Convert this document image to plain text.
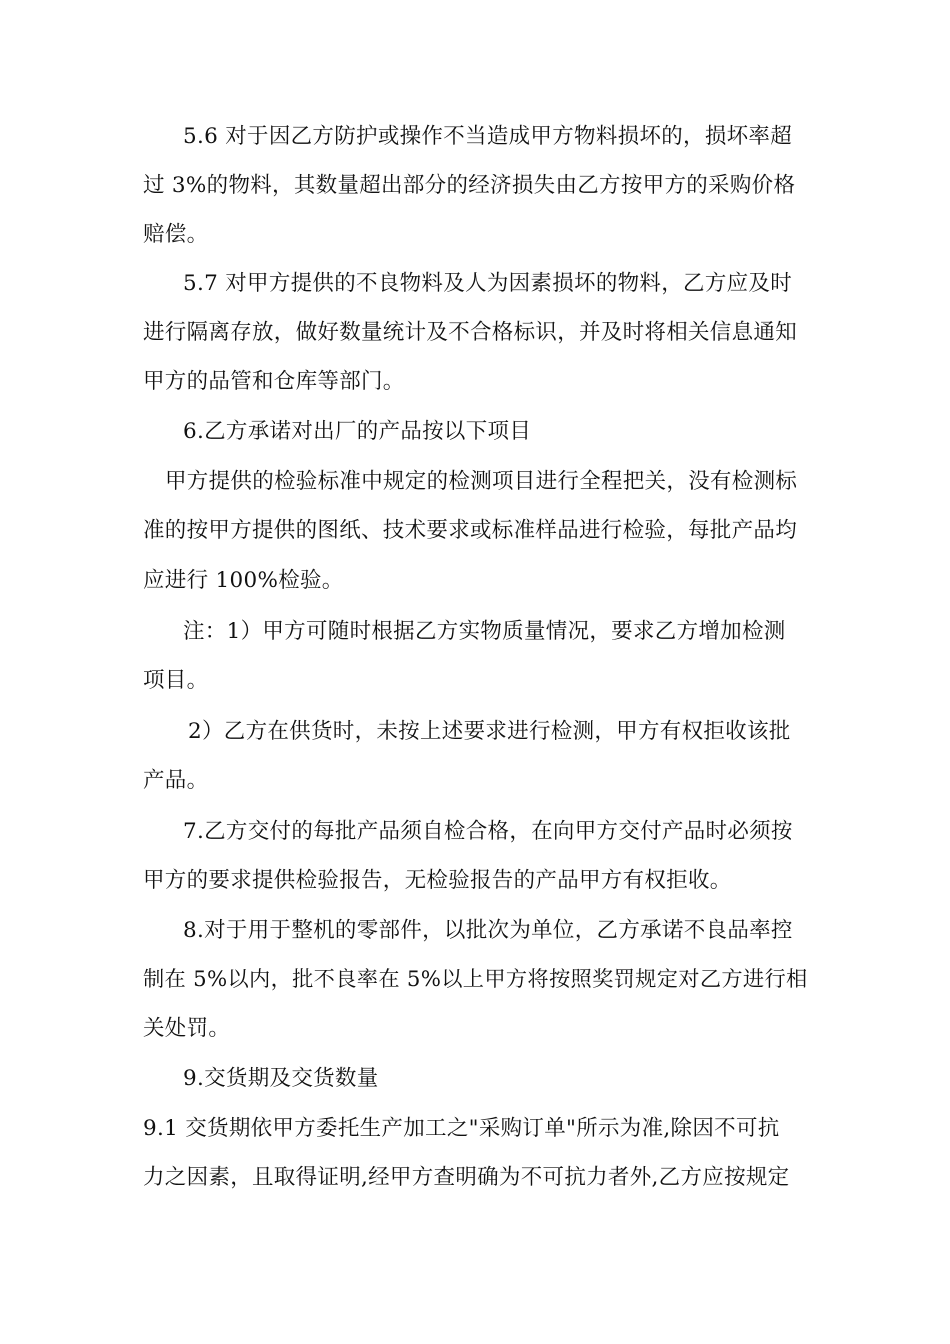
5.6 对于因乙方防护或操作不当造成甲方物料损坏的，损坏率超
过 3%的物料，其数量超出部分的经济损失由乙方按甲方的采购价格
赔偿。
5.7 对甲方提供的不良物料及人为因素损坏的物料，乙方应及时
进行隔离存放，做好数量统计及不合格标识，并及时将相关信息通知
甲方的品管和仓库等部门。
6.乙方承诺对出厂的产品按以下项目
甲方提供的检验标准中规定的检测项目进行全程把关，没有检测标
准的按甲方提供的图纸、技术要求或标准样品进行检验，每批产品均
应进行 100%检验。
注：1）甲方可随时根据乙方实物质量情况，要求乙方增加检测
项目。
2）乙方在供货时，未按上述要求进行检测，甲方有权拒收该批
产品。
7.乙方交付的每批产品须自检合格，在向甲方交付产品时必须按
甲方的要求提供检验报告，无检验报告的产品甲方有权拒收。
8.对于用于整机的零部件，以批次为单位，乙方承诺不良品率控
制在 5%以内，批不良率在 5%以上甲方将按照奖罚规定对乙方进行相
关处罚。
9.交货期及交货数量
9.1 交货期依甲方委托生产加工之"采购订单"所示为准,除因不可抗
力之因素，且取得证明,经甲方查明确为不可抗力者外,乙方应按规定
